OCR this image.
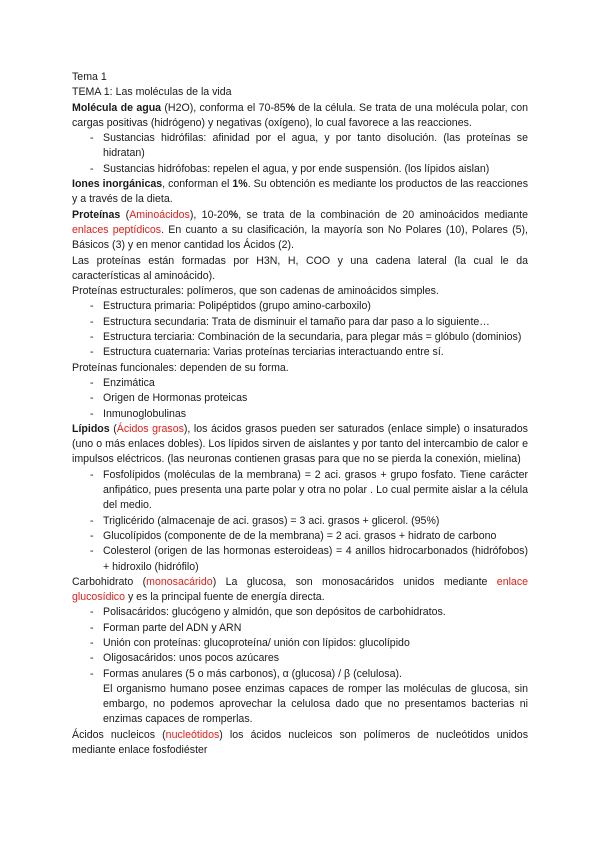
Tema 1

TEMA 1: Las moléculas de la vida

Molécula de agua (H2O), conforma el 70-85% de la célula. Se trata de una molécula polar, con cargas positivas (hidrógeno) y negativas (oxígeno), lo cual favorece a las reacciones.

- Sustancias hidrófilas: afinidad por el agua, y por tanto disolución. (las proteínas se hidratan)
- Sustancias hidrófobas: repelen el agua, y por ende suspensión. (los lípidos aislan)

Iones inorgánicas, conforman el 1%. Su obtención es mediante los productos de las reacciones y a través de la dieta.

Proteínas (Aminoácidos), 10-20%, se trata de la combinación de 20 aminoácidos mediante enlaces peptídicos. En cuanto a su clasificación, la mayoría son No Polares (10), Polares (5), Básicos (3) y en menor cantidad los Ácidos (2).

Las proteínas están formadas por H3N, H, COO y una cadena lateral (la cual le da características al aminoácido).

Proteínas estructurales: polímeros, que son cadenas de aminoácidos simples.

- Estructura primaria: Polipéptidos (grupo amino-carboxilo)
- Estructura secundaria: Trata de disminuir el tamaño para dar paso a lo siguiente…
- Estructura terciaria: Combinación de la secundaria, para plegar más = glóbulo (dominios)
- Estructura cuaternaria: Varias proteínas terciarias interactuando entre sí.

Proteínas funcionales: dependen de su forma.

- Enzimática
- Origen de Hormonas proteicas
- Inmunoglobulinas

Lípidos (Ácidos grasos), los ácidos grasos pueden ser saturados (enlace simple) o insaturados (uno o más enlaces dobles). Los lípidos sirven de aislantes y por tanto del intercambio de calor e impulsos eléctricos. (las neuronas contienen grasas para que no se pierda la conexión, mielina)

- Fosfolípidos (moléculas de la membrana) = 2 aci. grasos + grupo fosfato. Tiene carácter anfipático, pues presenta una parte polar y otra no polar . Lo cual permite aislar a la célula del medio.
- Triglicérido (almacenaje de aci. grasos) = 3 aci. grasos + glicerol. (95%)
- Glucolípidos (componente de de la membrana) = 2 aci. grasos + hidrato de carbono
- Colesterol (origen de las hormonas esteroideas) = 4 anillos hidrocarbonados (hidrófobos) + hidroxilo (hidrófilo)

Carbohidrato (monosacárido) La glucosa, son monosacáridos unidos mediante enlace glucosídico y es la principal fuente de energía directa.

- Polisacáridos: glucógeno y almidón, que son depósitos de carbohidratos.
- Forman parte del ADN y ARN
- Unión con proteínas: glucoproteína/ unión con lípidos: glucolípido
- Oligosacáridos: unos pocos azúcares
- Formas anulares (5 o más carbonos), α (glucosa) / β (celulosa).

El organismo humano posee enzimas capaces de romper las moléculas de glucosa, sin embargo, no podemos aprovechar la celulosa dado que no presentamos bacterias ni enzimas capaces de romperlas.

Ácidos nucleicos (nucleótidos) los ácidos nucleicos son polímeros de nucleótidos unidos mediante enlace fosfodiéster
